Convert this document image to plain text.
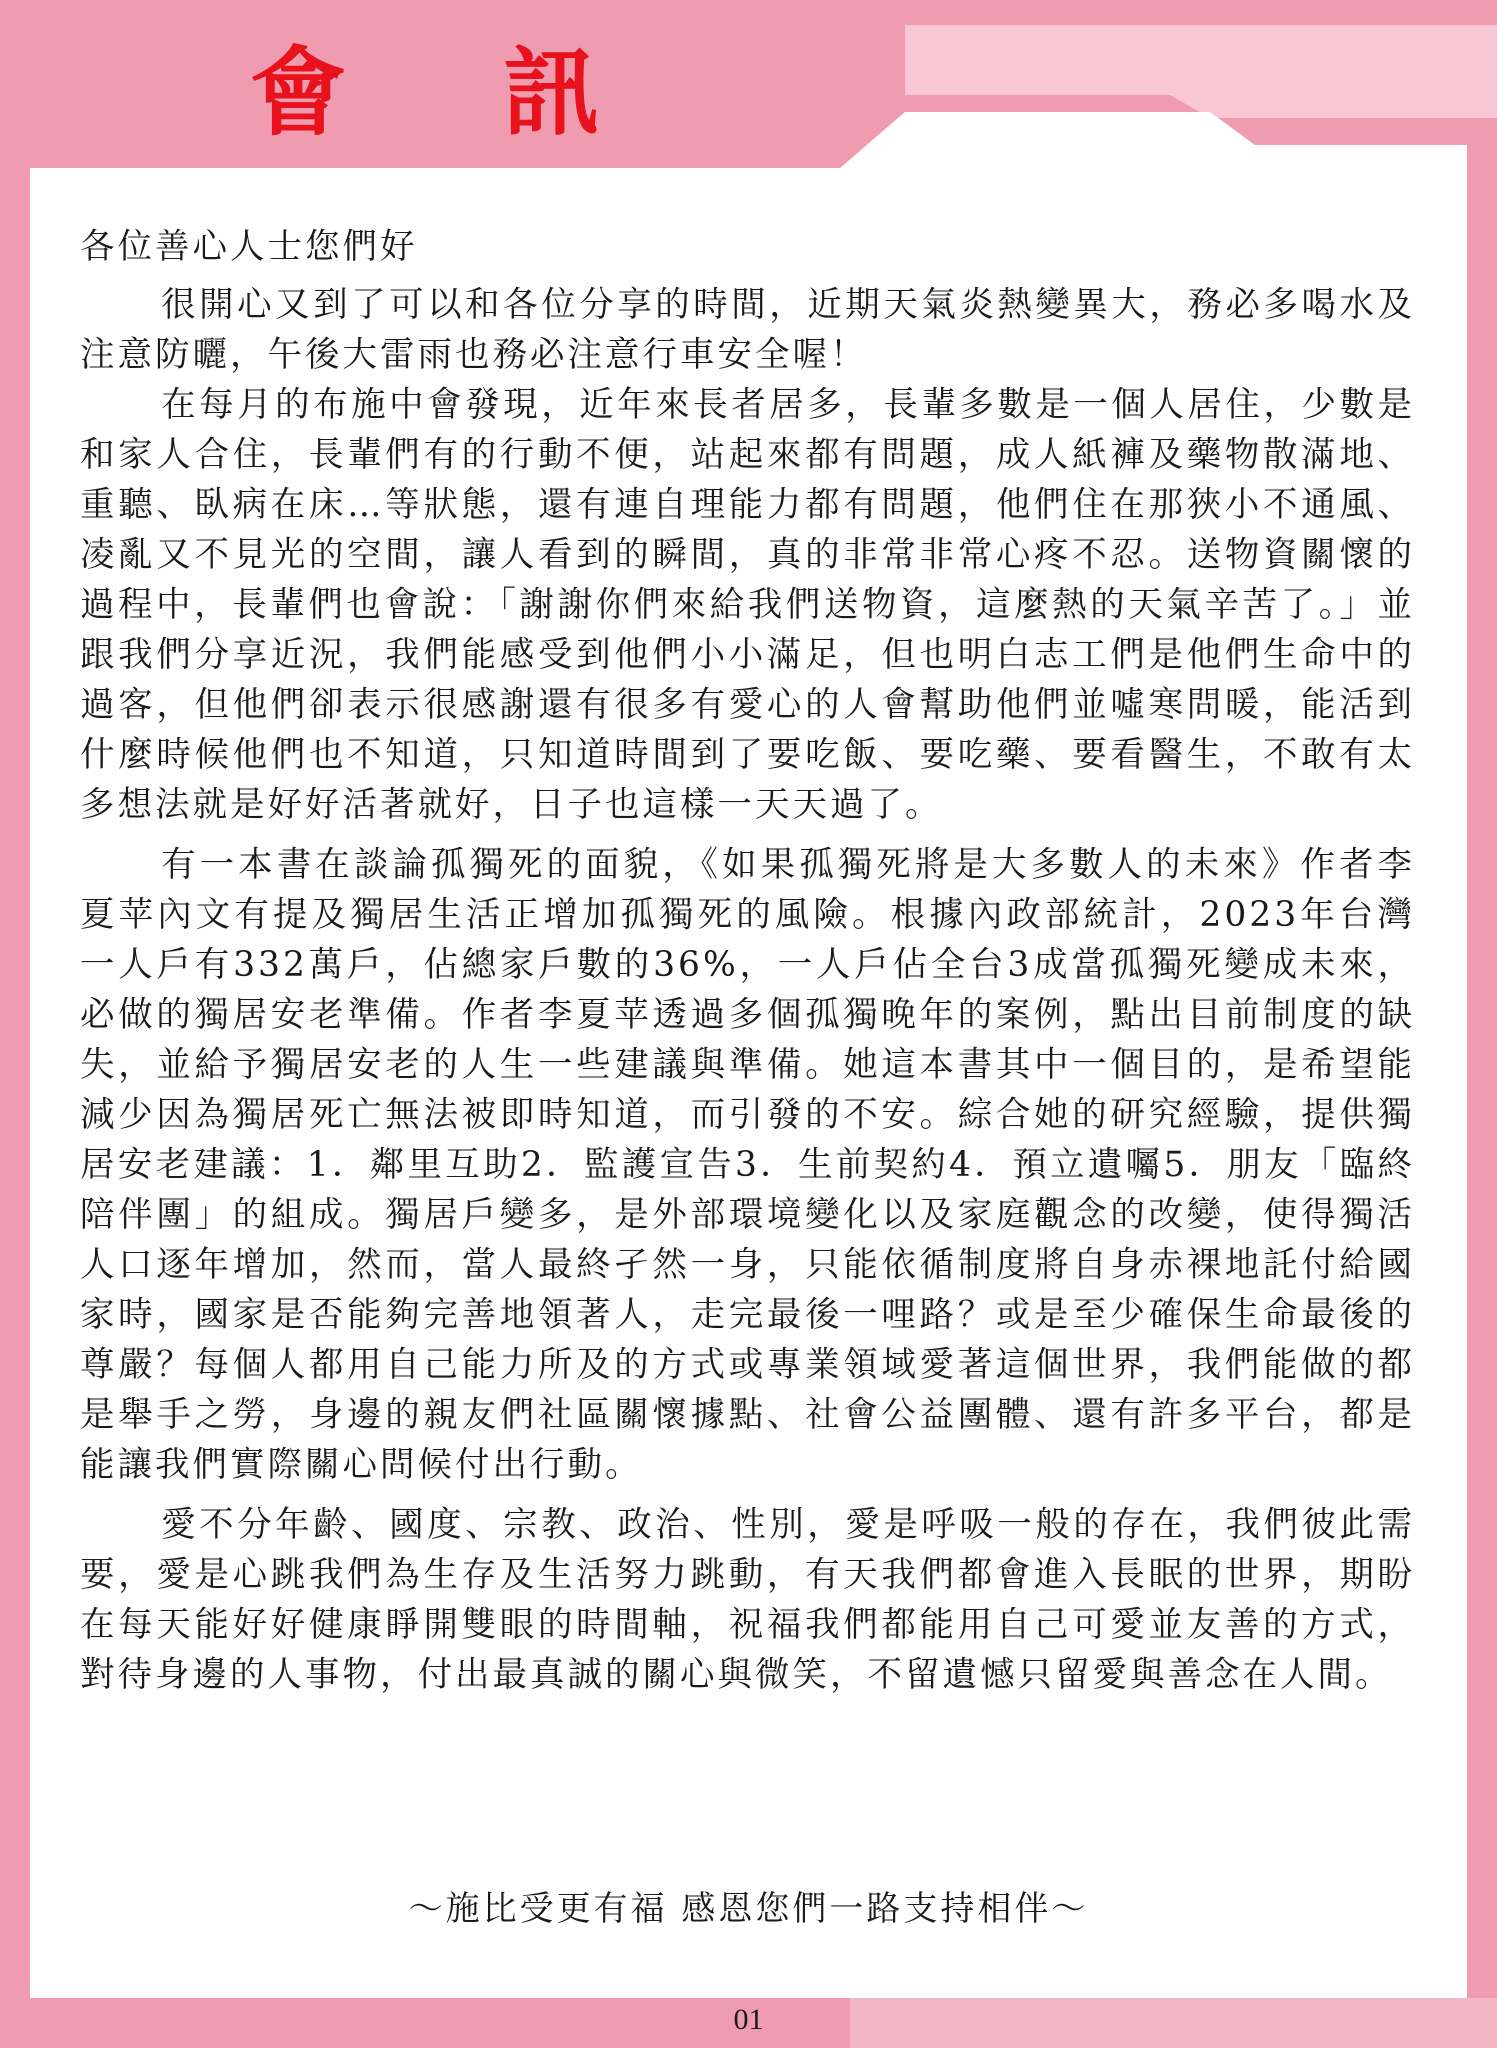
會 訊

各位善心人士您們好

很開心又到了可以和各位分享的時間，近期天氣炎熱變異大，務必多喝水及注意防曬，午後大雷雨也務必注意行車安全喔！

在每月的布施中會發現，近年來長者居多，長輩多數是一個人居住，少數是和家人合住，長輩們有的行動不便，站起來都有問題，成人紙褲及藥物散滿地、重聽、臥病在床…等狀態，還有連自理能力都有問題，他們住在那狹小不通風、凌亂又不見光的空間，讓人看到的瞬間，真的非常非常心疼不忍。送物資關懷的過程中，長輩們也會說：「謝謝你們來給我們送物資，這麼熱的天氣辛苦了。」並跟我們分享近況，我們能感受到他們小小滿足，但也明白志工們是他們生命中的過客，但他們卻表示很感謝還有很多有愛心的人會幫助他們並噓寒問暖，能活到什麼時候他們也不知道，只知道時間到了要吃飯、要吃藥、要看醫生，不敢有太多想法就是好好活著就好，日子也這樣一天天過了。

有一本書在談論孤獨死的面貌，《如果孤獨死將是大多數人的未來》作者李夏苹內文有提及獨居生活正增加孤獨死的風險。根據內政部統計，2023年台灣一人戶有332萬戶，佔總家戶數的36%，一人戶佔全台3成當孤獨死變成未來，必做的獨居安老準備。作者李夏苹透過多個孤獨晚年的案例，點出目前制度的缺失，並給予獨居安老的人生一些建議與準備。她這本書其中一個目的，是希望能減少因為獨居死亡無法被即時知道，而引發的不安。綜合她的研究經驗，提供獨居安老建議：1．鄰里互助2．監護宣告3．生前契約4．預立遺囑5．朋友「臨終陪伴團」的組成。獨居戶變多，是外部環境變化以及家庭觀念的改變，使得獨活人口逐年增加，然而，當人最終孑然一身，只能依循制度將自身赤裸地託付給國家時，國家是否能夠完善地領著人，走完最後一哩路？或是至少確保生命最後的尊嚴？每個人都用自己能力所及的方式或專業領域愛著這個世界，我們能做的都是舉手之勞，身邊的親友們社區關懷據點、社會公益團體、還有許多平台，都是能讓我們實際關心問候付出行動。

愛不分年齡、國度、宗教、政治、性別，愛是呼吸一般的存在，我們彼此需要，愛是心跳我們為生存及生活努力跳動，有天我們都會進入長眠的世界，期盼在每天能好好健康睜開雙眼的時間軸，祝福我們都能用自己可愛並友善的方式，對待身邊的人事物，付出最真誠的關心與微笑，不留遺憾只留愛與善念在人間。

～施比受更有福 感恩您們一路支持相伴～
01
